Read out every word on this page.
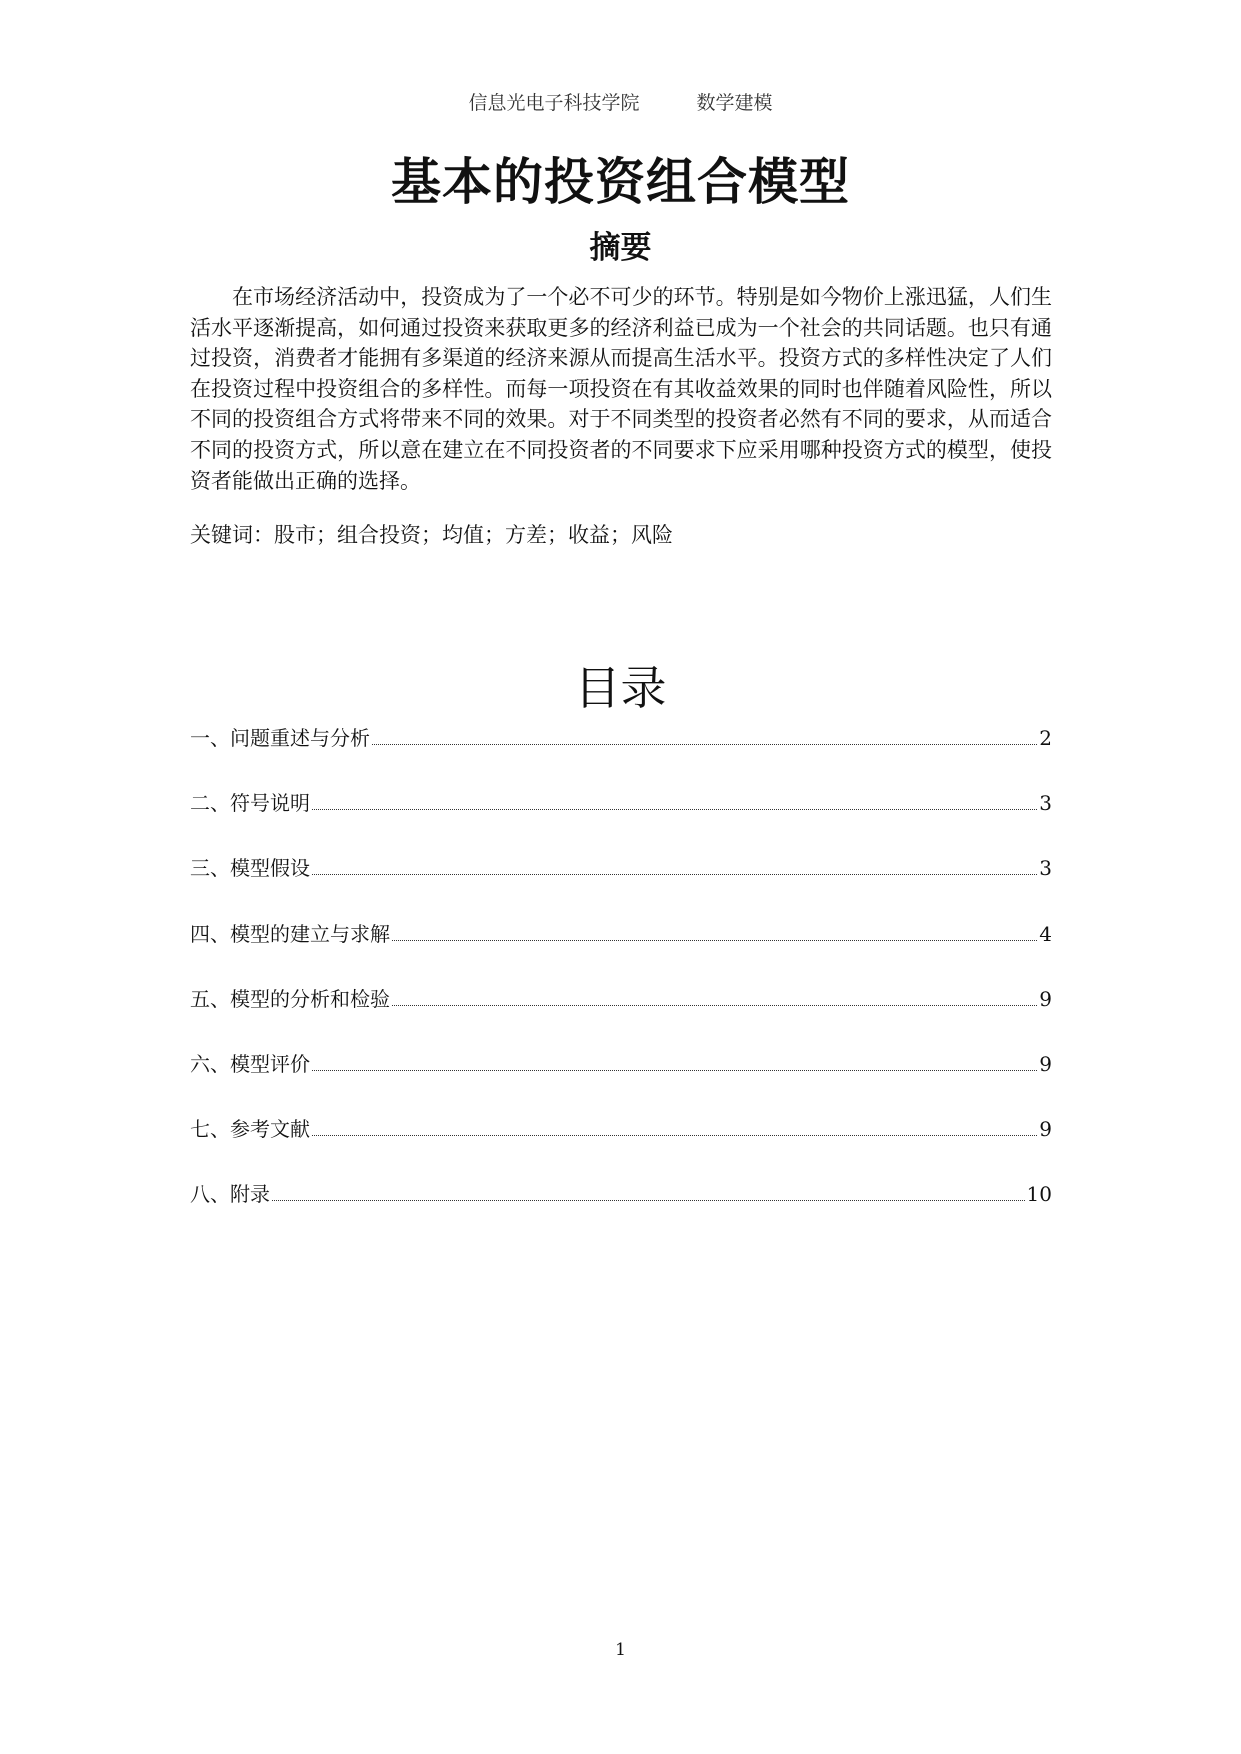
信息光电子科技学院　　　数学建模
基本的投资组合模型
摘要

在市场经济活动中，投资成为了一个必不可少的环节。特别是如今物价上涨迅猛，人们生活水平逐渐提高，如何通过投资来获取更多的经济利益已成为一个社会的共同话题。也只有通过投资，消费者才能拥有多渠道的经济来源从而提高生活水平。投资方式的多样性决定了人们在投资过程中投资组合的多样性。而每一项投资在有其收益效果的同时也伴随着风险性，所以不同的投资组合方式将带来不同的效果。对于不同类型的投资者必然有不同的要求，从而适合不同的投资方式，所以意在建立在不同投资者的不同要求下应采用哪种投资方式的模型，使投资者能做出正确的选择。

关键词：股市；组合投资；均值；方差；收益；风险
目录
一、问题重述与分析	2
二、符号说明	3
三、模型假设	3
四、模型的建立与求解	4
五、模型的分析和检验	9
六、模型评价	9
七、参考文献	9
八、附录	10
1
